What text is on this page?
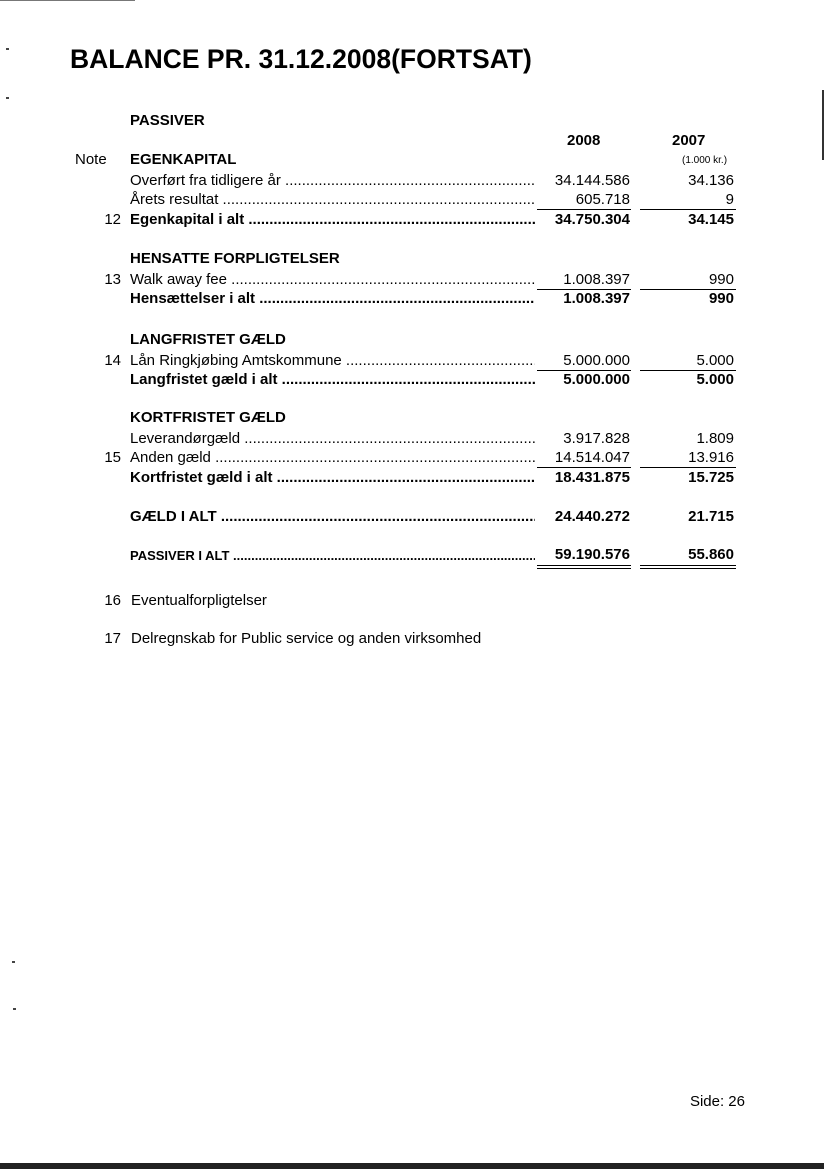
BALANCE PR. 31.12.2008(FORTSAT)
PASSIVER
2008	2007
Note	(1.000 kr.)
EGENKAPITAL
Overført fra tidligere år .....	34.144.586	34.136
Årets resultat .....	605.718	9
12 Egenkapital i alt .....	34.750.304	34.145
HENSATTE FORPLIGTELSER
13 Walk away fee .....	1.008.397	990
Hensættelser i alt .....	1.008.397	990
LANGFRISTET GÆLD
14 Lån Ringkjøbing Amtskommune .....	5.000.000	5.000
Langfristet gæld i alt .....	5.000.000	5.000
KORTFRISTET GÆLD
Leverandørgæld .....	3.917.828	1.809
15 Anden gæld .....	14.514.047	13.916
Kortfristet gæld i alt .....	18.431.875	15.725
GÆLD I ALT .....	24.440.272	21.715
PASSIVER I ALT .....	59.190.576	55.860
16 Eventualforpligtelser
17 Delregnskab for Public service og anden virksomhed
Side: 26
